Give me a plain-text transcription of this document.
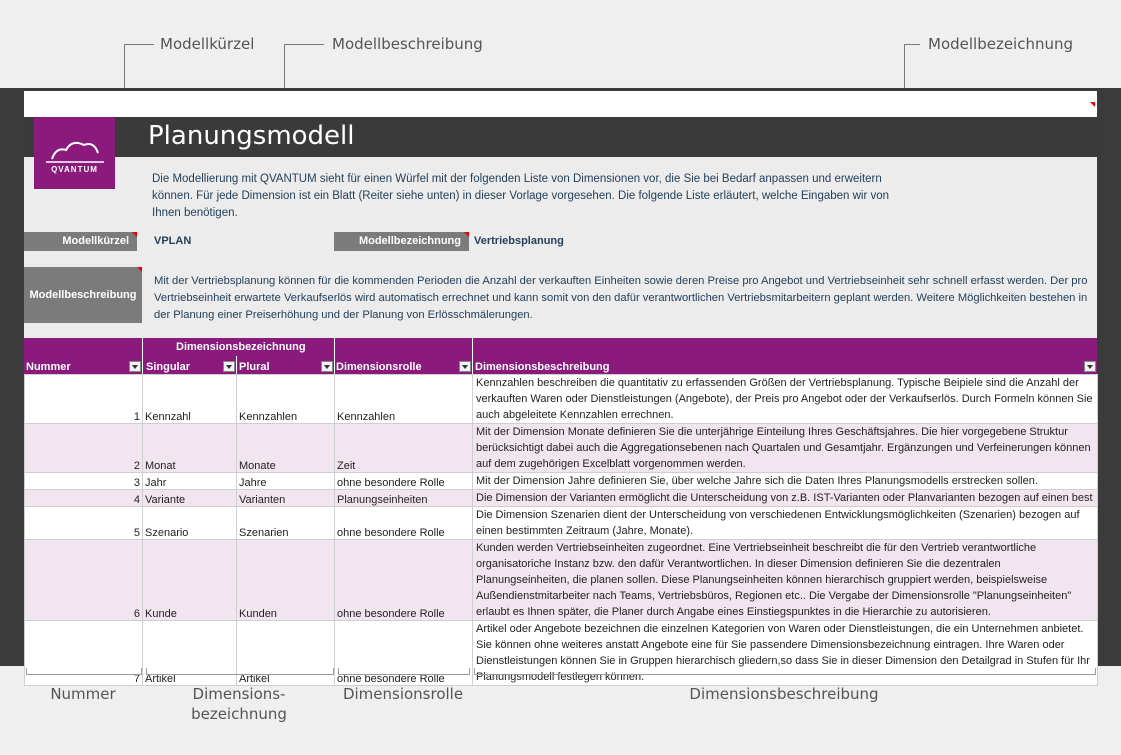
Modellkürzel	Modellbeschreibung	Modellbezeichnung
Planungsmodell
QVANTUM
Die Modellierung mit QVANTUM sieht für einen Würfel mit der folgenden Liste von Dimensionen vor, die Sie bei Bedarf anpassen und erweitern können. Für jede Dimension ist ein Blatt (Reiter siehe unten) in dieser Vorlage vorgesehen. Die folgende Liste erläutert, welche Eingaben wir von Ihnen benötigen.
Modellkürzel	VPLAN	Modellbezeichnung	Vertriebsplanung
Modellbeschreibung
Mit der Vertriebsplanung können für die kommenden Perioden die Anzahl der verkauften Einheiten sowie deren Preise pro Angebot und Vertriebseinheit sehr schnell erfasst werden. Der pro Vertriebseinheit erwartete Verkaufserlös wird automatisch errechnet und kann somit von den dafür verantwortlichen Vertriebsmitarbeitern geplant werden. Weitere Möglichkeiten bestehen in der Planung einer Preiserhöhung und der Planung von Erlösschmälerungen.
Dimensionsbezeichnung
Nummer	Singular	Plural	Dimensionsrolle	Dimensionsbeschreibung
1	Kennzahl	Kennzahlen	Kennzahlen	Kennzahlen beschreiben die quantitativ zu erfassenden Größen der Vertriebsplanung. Typische Beipiele sind die Anzahl der verkauften Waren oder Dienstleistungen (Angebote), der Preis pro Angebot oder der Verkaufserlös. Durch Formeln können Sie auch abgeleitete Kennzahlen errechnen.
2	Monat	Monate	Zeit	Mit der Dimension Monate definieren Sie die unterjährige Einteilung Ihres Geschäftsjahres. Die hier vorgegebene Struktur berücksichtigt dabei auch die Aggregationsebenen nach Quartalen und Gesamtjahr. Ergänzungen und Verfeinerungen können auf dem zugehörigen Excelblatt vorgenommen werden.
3	Jahr	Jahre	ohne besondere Rolle	Mit der Dimension Jahre definieren Sie, über welche Jahre sich die Daten Ihres Planungsmodells erstrecken sollen.
4	Variante	Varianten	Planungseinheiten	Die Dimension der Varianten ermöglicht die Unterscheidung von z.B. IST-Varianten oder Planvarianten bezogen auf einen best
5	Szenario	Szenarien	ohne besondere Rolle	Die Dimension Szenarien dient der Unterscheidung von verschiedenen Entwicklungsmöglichkeiten (Szenarien) bezogen auf einen bestimmten Zeitraum (Jahre, Monate).
6	Kunde	Kunden	ohne besondere Rolle	Kunden werden Vertriebseinheiten zugeordnet. Eine Vertriebseinheit beschreibt die für den Vertrieb verantwortliche organisatoriche Instanz bzw. den dafür Verantwortlichen. In dieser Dimension definieren Sie die dezentralen Planungseinheiten, die planen sollen. Diese Planungseinheiten können hierarchisch gruppiert werden, beispielsweise Außendienstmitarbeiter nach Teams, Vertriebsbüros, Regionen etc.. Die Vergabe der Dimensionsrolle "Planungseinheiten" erlaubt es Ihnen später, die Planer durch Angabe eines Einstiegspunktes in die Hierarchie zu autorisieren.
7	Artikel	Artikel	ohne besondere Rolle	Artikel oder Angebote bezeichnen die einzelnen Kategorien von Waren oder Dienstleistungen, die ein Unternehmen anbietet. Sie können ohne weiteres anstatt Angebote eine für Sie passendere Dimensionsbezeichnung eintragen. Ihre Waren oder Dienstleistungen können Sie in Gruppen hierarchisch gliedern,so dass Sie in dieser Dimension den Detailgrad in Stufen für Ihr Planungsmodell festlegen können.
Nummer	Dimensions-
bezeichnung
Dimensionsrolle	Dimensionsbeschreibung
